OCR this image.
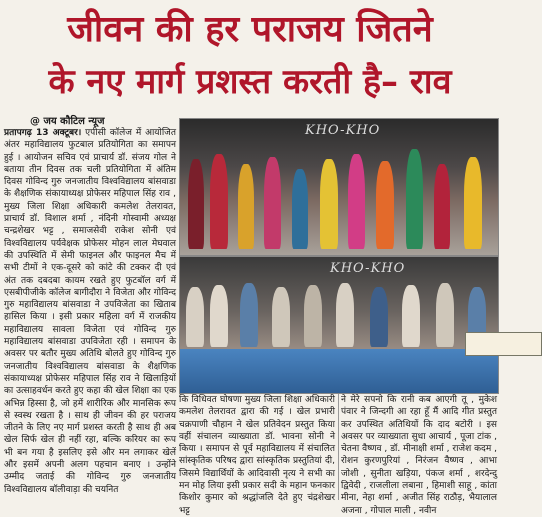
जीवन की हर पराजय जितने
के नए मार्ग प्रशस्त करती है– राव
@ जय कौटिल न्यूज
प्रतापगढ़ 13 अक्टूबर। एपीसी कॉलेज में आयोजित अंतर महाविद्यालय फुटबाल प्रतियोगिता का समापन हुई । आयोजन सचिव एवं प्राचार्य डॉ. संजय गोल ने बताया तीन दिवस तक चली प्रतियोगिता में अंतिम दिवस गोविन्द गुरु जनजातीय विश्वविद्यालय बांसवाडा के शैक्षणिक संकायाध्यक्ष प्रोफेसर महिपाल सिंह राव , मुख्य जिला शिक्षा अधिकारी कमलेश तेलरावत, प्राचार्य डॉ. विशाल शर्मा , नंदिनी गोस्वामी अध्यक्ष चन्द्रशेखर भट्ट , समाजसेवी राकेश सोनी एवं विश्वविद्यालय पर्यवेक्षक प्रोफेसर मोहन लाल मेघवाल की उपस्थिति में सेमी फाइनल और फाइनल मैच में सभी टीमों ने एक-दूसरे को कांटे की टक्कर दी एवं अंत तक दबदबा कायम रखते हुए फुटबॉल वर्ग में एसबीपीजीके कॉलेज बागीदौरा ने विजेता और गोविन्द गुरु महाविद्यालय बांसवाडा ने उपविजेता का खिताब हासिल किया । इसी प्रकार महिला वर्ग में राजकीय महाविद्यालय सावला विजेता एवं गोविन्द गुरु महाविद्यालय बांसवाडा उपविजेता रही । समापन के अवसर पर बतौर मुख्य अतिथि बोलते हुए गोविन्द गुरु जनजातीय विश्वविद्यालय बांसवाडा के शैक्षणिक संकायाध्यक्ष प्रोफेसर महिपाल सिंह राव ने खिलाड़ियों का उत्साहवर्धन करते हुए कहा की खेल शिक्षा का एक अभिन्न हिस्सा है, जो हमें शारीरिक और मानसिक रूप से स्वस्थ रखता है । साथ ही जीवन की हर पराजय जीतने के लिए नए मार्ग प्रशस्त करती है साथ ही अब खेल सिर्फ खेल ही नहीं रहा, बल्कि करियर का रूप भी बन गया है इसलिए इसे और मन लगाकर खेलें और इसमें अपनी अलग पहचान बनाए । उन्होंने उम्मीद जताई की गोविन्द गुरु जनजातीय विश्वविद्यालय बॉलीवाड़ा की चयनित
KHO-KHO
KHO-KHO
कि विधिवत घोषणा मुख्य जिला शिक्षा अधिकारी कमलेश तेलरावत द्वारा की गई । खेल प्रभारी चक्रपाणी चौहान ने खेल प्रतिवेदन प्रस्तुत किया वहीं संचालन व्याख्याता डॉ. भावना सोनी ने किया । समापन से पूर्व महाविद्यालय में संचालित सांस्कृतिक परिषद द्वारा सांस्कृतिक प्रस्तुतियां दी, जिसमे विद्यार्थियों के आदिवासी नृत्य ने सभी का मन मोह लिया इसी प्रकार सदी के महान फनकार किशोर कुमार को श्रद्धांजलि देते हुए चंद्रशेखर भट्ट
ने मेरे सपनो कि रानी कब आएगी तू , मुकेश पंवार ने जिन्दगी आ रहा हूँ मैं आदि गीत प्रस्तुत कर उपस्थित अतिथियों कि दाद बटोरी । इस अवसर पर व्याख्याता सुधा आचार्य , पूजा टांक , चेतना वैष्णव , डॉ. मीनाक्षी शर्मा , राजेश कदम , रोशन कुरणपुरियां , निरंजन वैष्णव , आभा जोशी , सुनीता खड़िया, पंकज शर्मा , शरदेन्दु द्विवेदी , राजलीला लबाना , हिमाशी साहू , कांता मीना, नेहा शर्मा , अजीत सिंह राठौड़, भैयालाल अजना , गोपाल माली , नवीन
